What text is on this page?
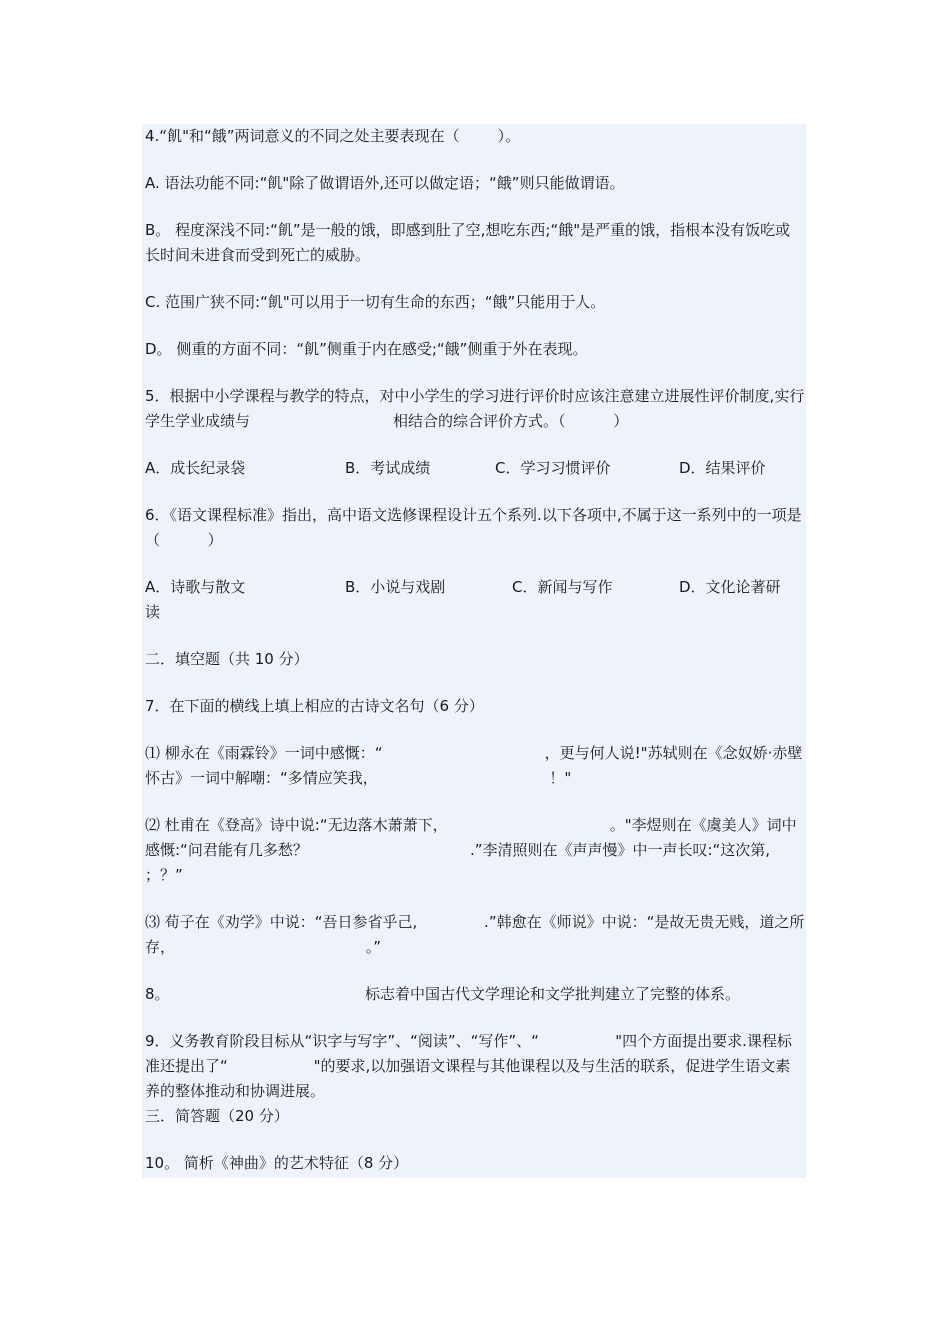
4.“飢"和“餓”两词意义的不同之处主要表现在（        ）。

A. 语法功能不同:“飢"除了做谓语外,还可以做定语；“餓”则只能做谓语。

B。 程度深浅不同:“飢”是一般的饿，即感到肚了空,想吃东西;“餓"是严重的饿，指根本没有饭吃或长时间未进食而受到死亡的威胁。

C. 范围广狭不同:“飢"可以用于一切有生命的东西；“餓”只能用于人。

D。 侧重的方面不同：“飢”侧重于内在感受;“餓”侧重于外在表现。

5．根据中小学课程与教学的特点，对中小学生的学习进行评价时应该注意建立进展性评价制度,实行学生学业成绩与                              相结合的综合评价方式。（          ）

A．成长纪录袋	B．考试成绩	C．学习习惯评价	D．结果评价

6．《语文课程标准》指出，高中语文选修课程设计五个系列.以下各项中,不属于这一系列中的一项是（          ）

A．诗歌与散文	B．小说与戏剧	C．新闻与写作	D．文化论著研

读

二．填空题（共 10 分）

7．在下面的横线上填上相应的古诗文名句（6 分）

⑴ 柳永在《雨霖铃》一词中感慨：“                                  ，更与何人说!"苏轼则在《念奴娇·赤壁怀古》一词中解嘲：“多情应笑我，                                    ！"

⑵ 杜甫在《登高》诗中说:“无边落木萧萧下，                                  。"李煜则在《虞美人》词中感慨:“问君能有几多愁？                                  .”李清照则在《声声慢》中一声长叹:“这次第,                   ；？”

⑶ 荀子在《劝学》中说：“吾日参省乎己,              .”韩愈在《师说》中说：“是故无贵无贱，道之所存，                                        。”

8。                                         标志着中国古代文学理论和文学批判建立了完整的体系。

9．义务教育阶段目标从“识字与写字”、“阅读”、“写作”、“                "四个方面提出要求.课程标准还提出了“                  "的要求,以加强语文课程与其他课程以及与生活的联系，促进学生语文素养的整体推动和协调进展。

三．简答题（20 分）

10。 简析《神曲》的艺术特征（8 分）
